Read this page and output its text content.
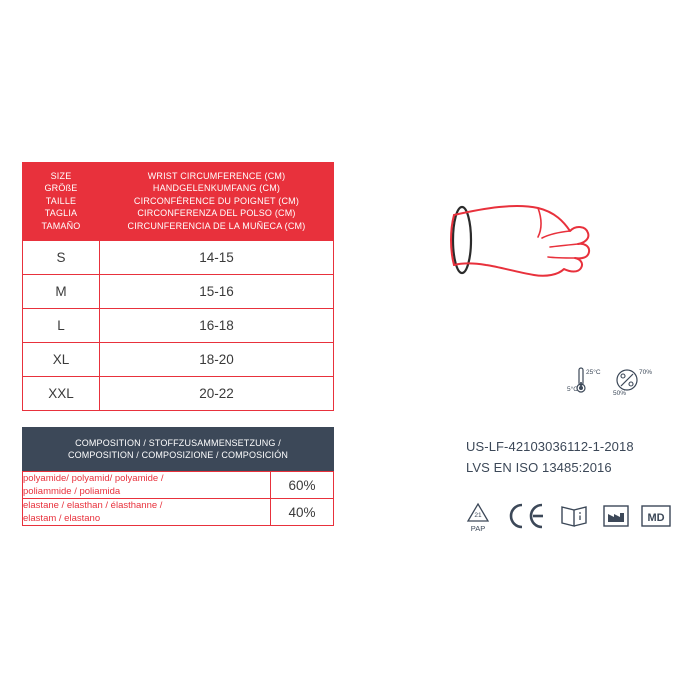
SIZE
GRÖßE
TAILLE
TAGLIA
TAMAÑO

WRIST CIRCUMFERENCE (CM)
HANDGELENKUMFANG (CM)
CIRCONFÉRENCE DU POIGNET (CM)
CIRCONFERENZA DEL POLSO (CM)
CIRCUNFERENCIA DE LA MUÑECA (CM)

S	14-15
M	15-16
L	16-18
XL	18-20
XXL	20-22
COMPOSITION / STOFFZUSAMMENSETZUNG /
COMPOSITION / COMPOSIZIONE / COMPOSICIÓN
polyamide/ polyamid/ polyamide /
poliammide / poliamida	60%

elastane / elasthan / élasthanne /
elastam / elastano	40%
25°C
5°C
70%
50%
US-LF-42103036112-1-2018
LVS EN ISO 13485:2016
21
PAP
MD
